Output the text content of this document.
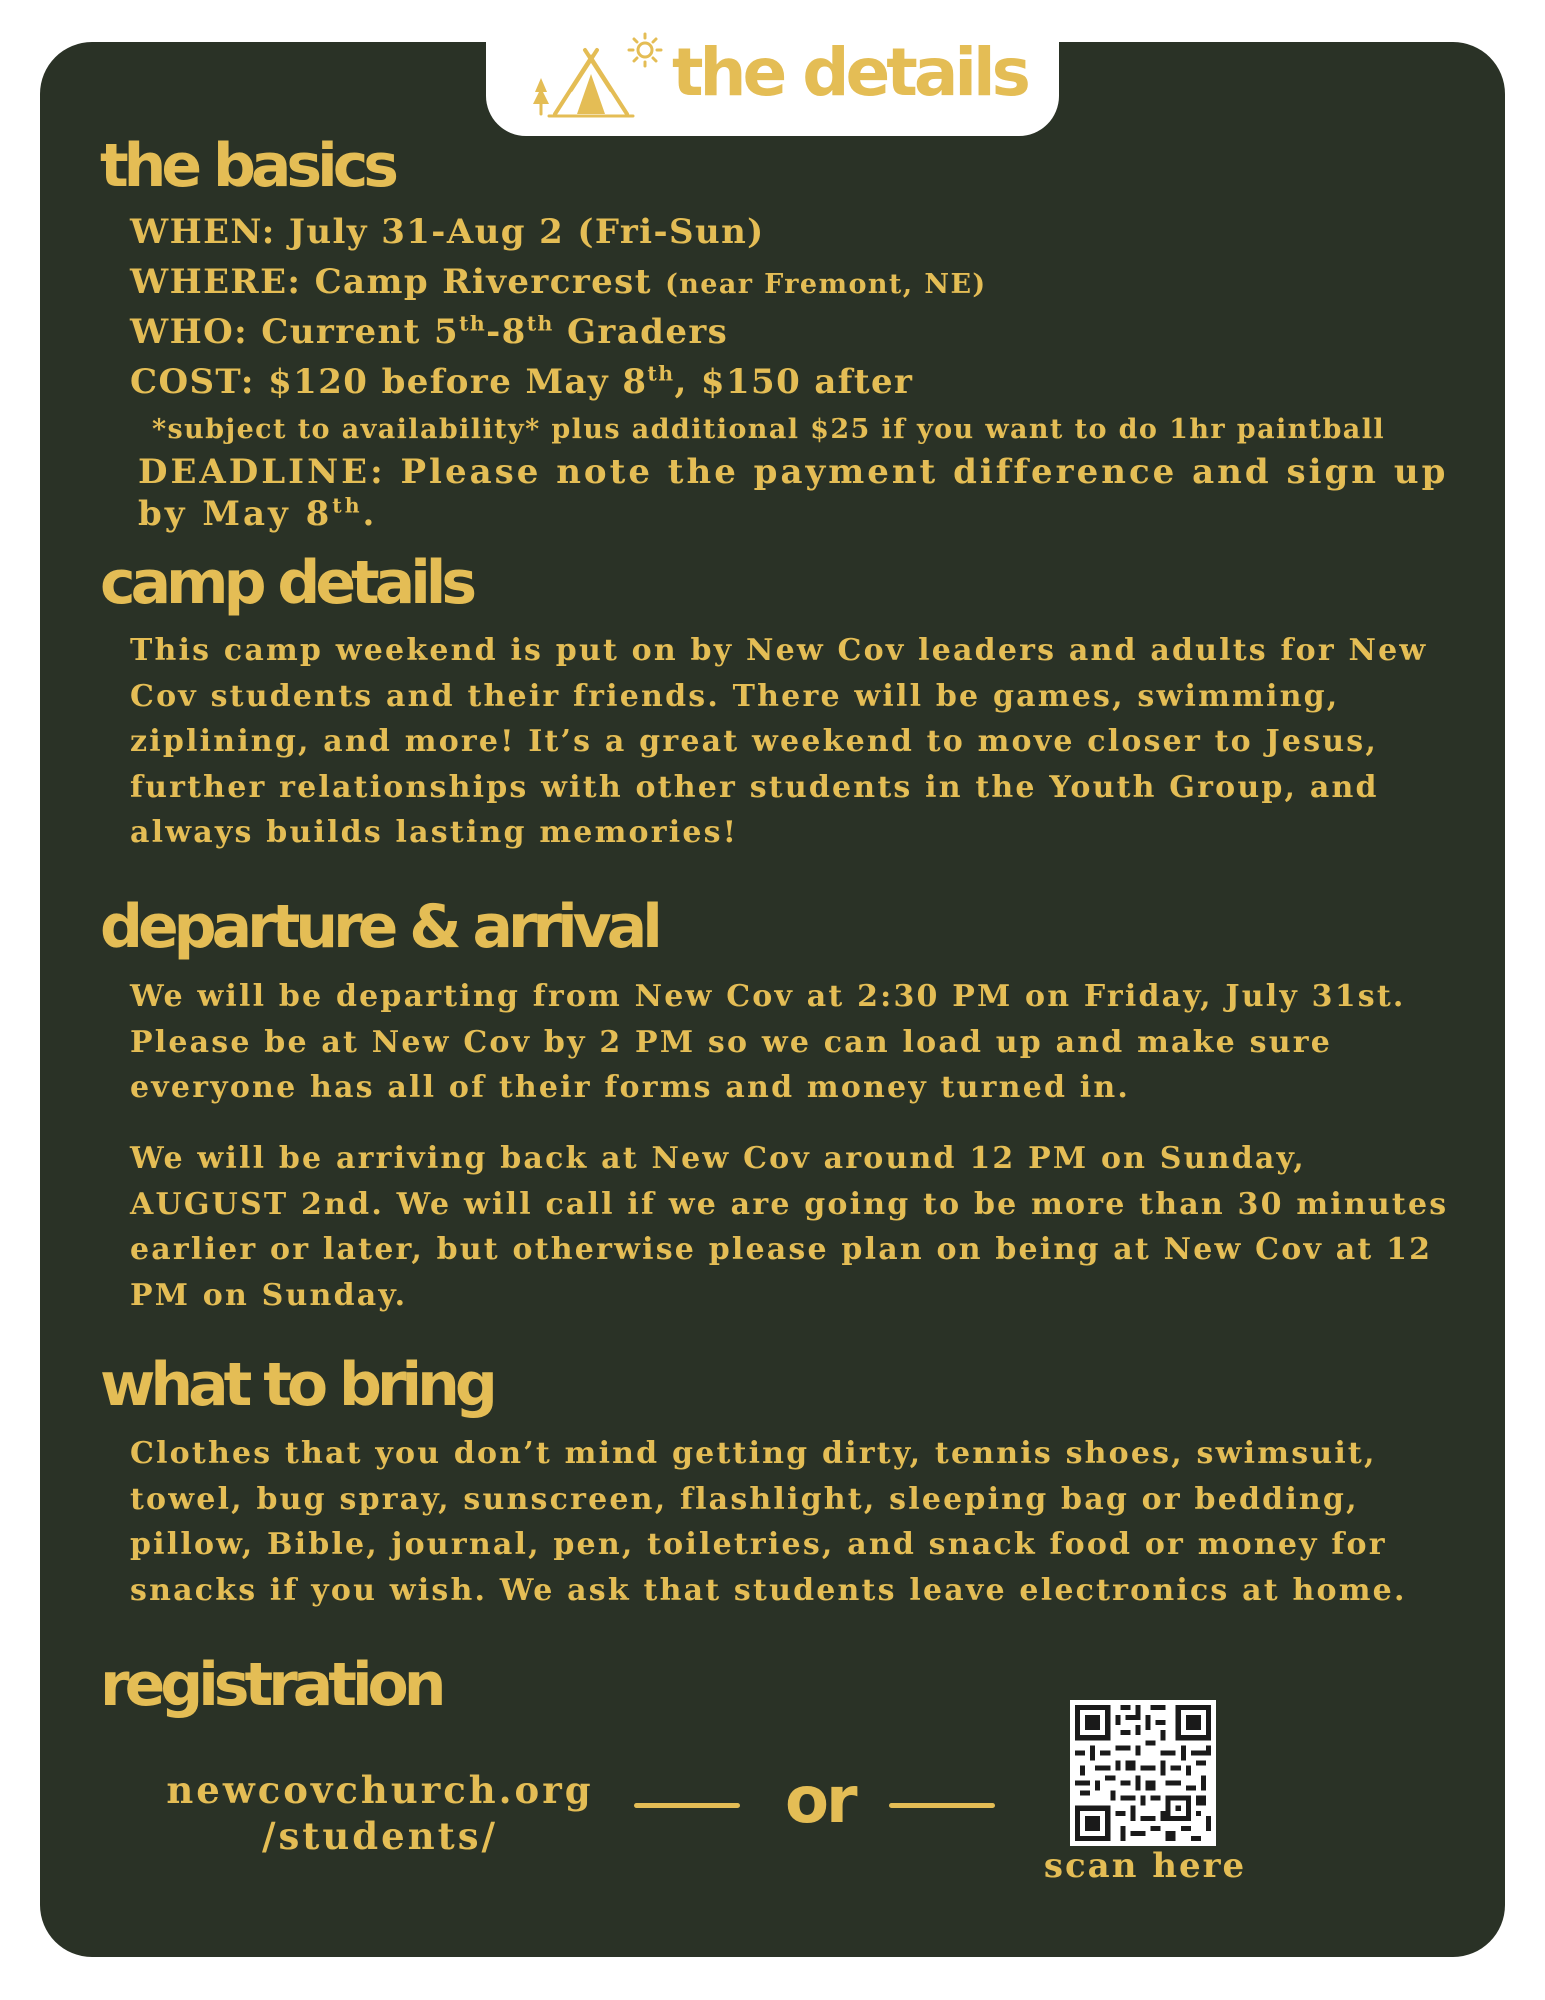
the details
the basics
WHEN: July 31-Aug 2 (Fri-Sun)
WHERE: Camp Rivercrest (near Fremont, NE)
WHO: Current 5th-8th Graders
COST: $120 before May 8th, $150 after
*subject to availability* plus additional $25 if you want to do 1hr paintball
DEADLINE: Please note the payment difference and sign up
by May 8th.
camp details
This camp weekend is put on by New Cov leaders and adults for New Cov students and their friends. There will be games, swimming, ziplining, and more! It’s a great weekend to move closer to Jesus, further relationships with other students in the Youth Group, and always builds lasting memories!
departure & arrival
We will be departing from New Cov at 2:30 PM on Friday, July 31st. Please be at New Cov by 2 PM so we can load up and make sure everyone has all of their forms and money turned in.
We will be arriving back at New Cov around 12 PM on Sunday, AUGUST 2nd. We will call if we are going to be more than 30 minutes earlier or later, but otherwise please plan on being at New Cov at 12 PM on Sunday.
what to bring
Clothes that you don’t mind getting dirty, tennis shoes, swimsuit, towel, bug spray, sunscreen, flashlight, sleeping bag or bedding, pillow, Bible, journal, pen, toiletries, and snack food or money for snacks if you wish. We ask that students leave electronics at home.
registration
newcovchurch.org
/students/	or
scan here
